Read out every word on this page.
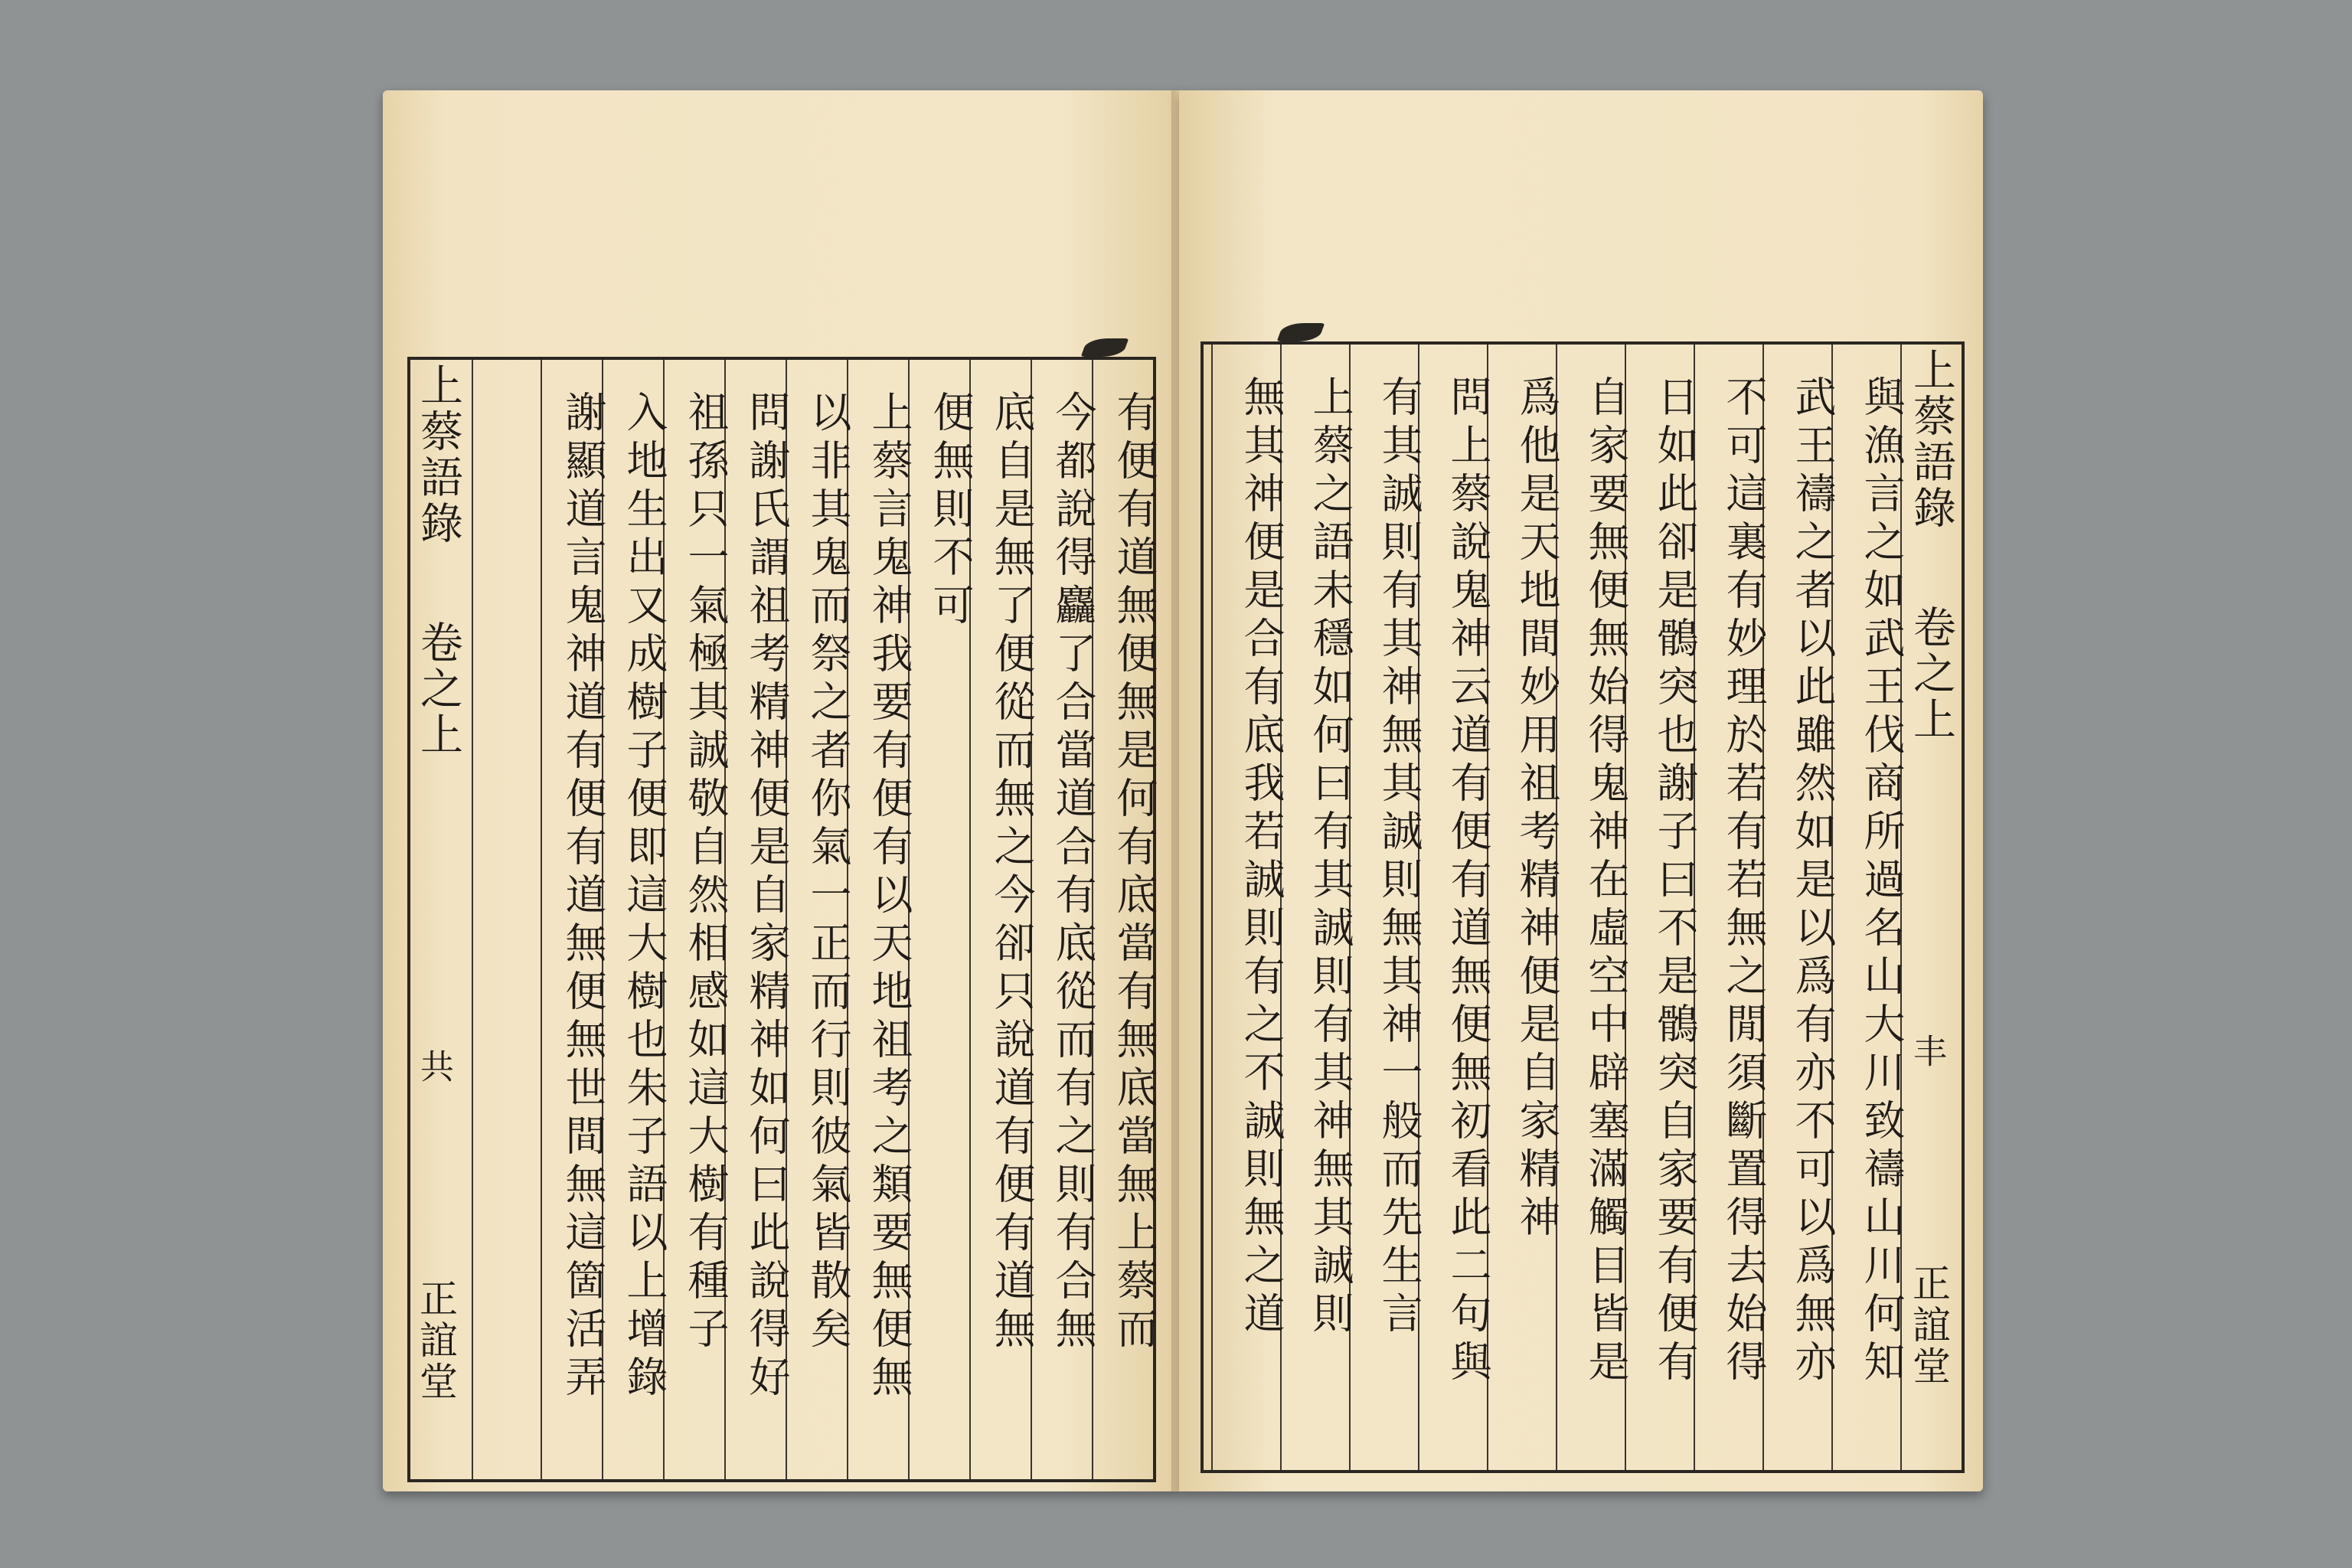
有便有道無便無是何有底當有無底當無上蔡而
今都說得麤了合當道合有底從而有之則有合無
底自是無了便從而無之今卻只說道有便有道無
便無則不可
上蔡言鬼神我要有便有以天地祖考之類要無便無
以非其鬼而祭之者你氣一正而行則彼氣皆散矣
問謝氏謂祖考精神便是自家精神如何曰此說得好
祖孫只一氣極其誠敬自然相感如這大樹有種子
入地生出又成樹子便即這大樹也朱子語以上增錄
謝顯道言鬼神道有便有道無便無世間無這箇活弄
上蔡語錄
卷之上
共
正誼堂
上蔡語錄
卷之上
丰
正誼堂
與漁言之如武王伐商所過名山大川致禱山川何知
武王禱之者以此雖然如是以爲有亦不可以爲無亦
不可這裏有妙理於若有若無之閒須斷置得去始得
日如此卻是鶻突也謝子曰不是鶻突自家要有便有
自家要無便無始得鬼神在虛空中辟塞滿觸目皆是
爲他是天地間妙用祖考精神便是自家精神
問上蔡說鬼神云道有便有道無便無初看此二句與
有其誠則有其神無其誠則無其神一般而先生言
上蔡之語未穩如何曰有其誠則有其神無其誠則
無其神便是合有底我若誠則有之不誠則無之道
